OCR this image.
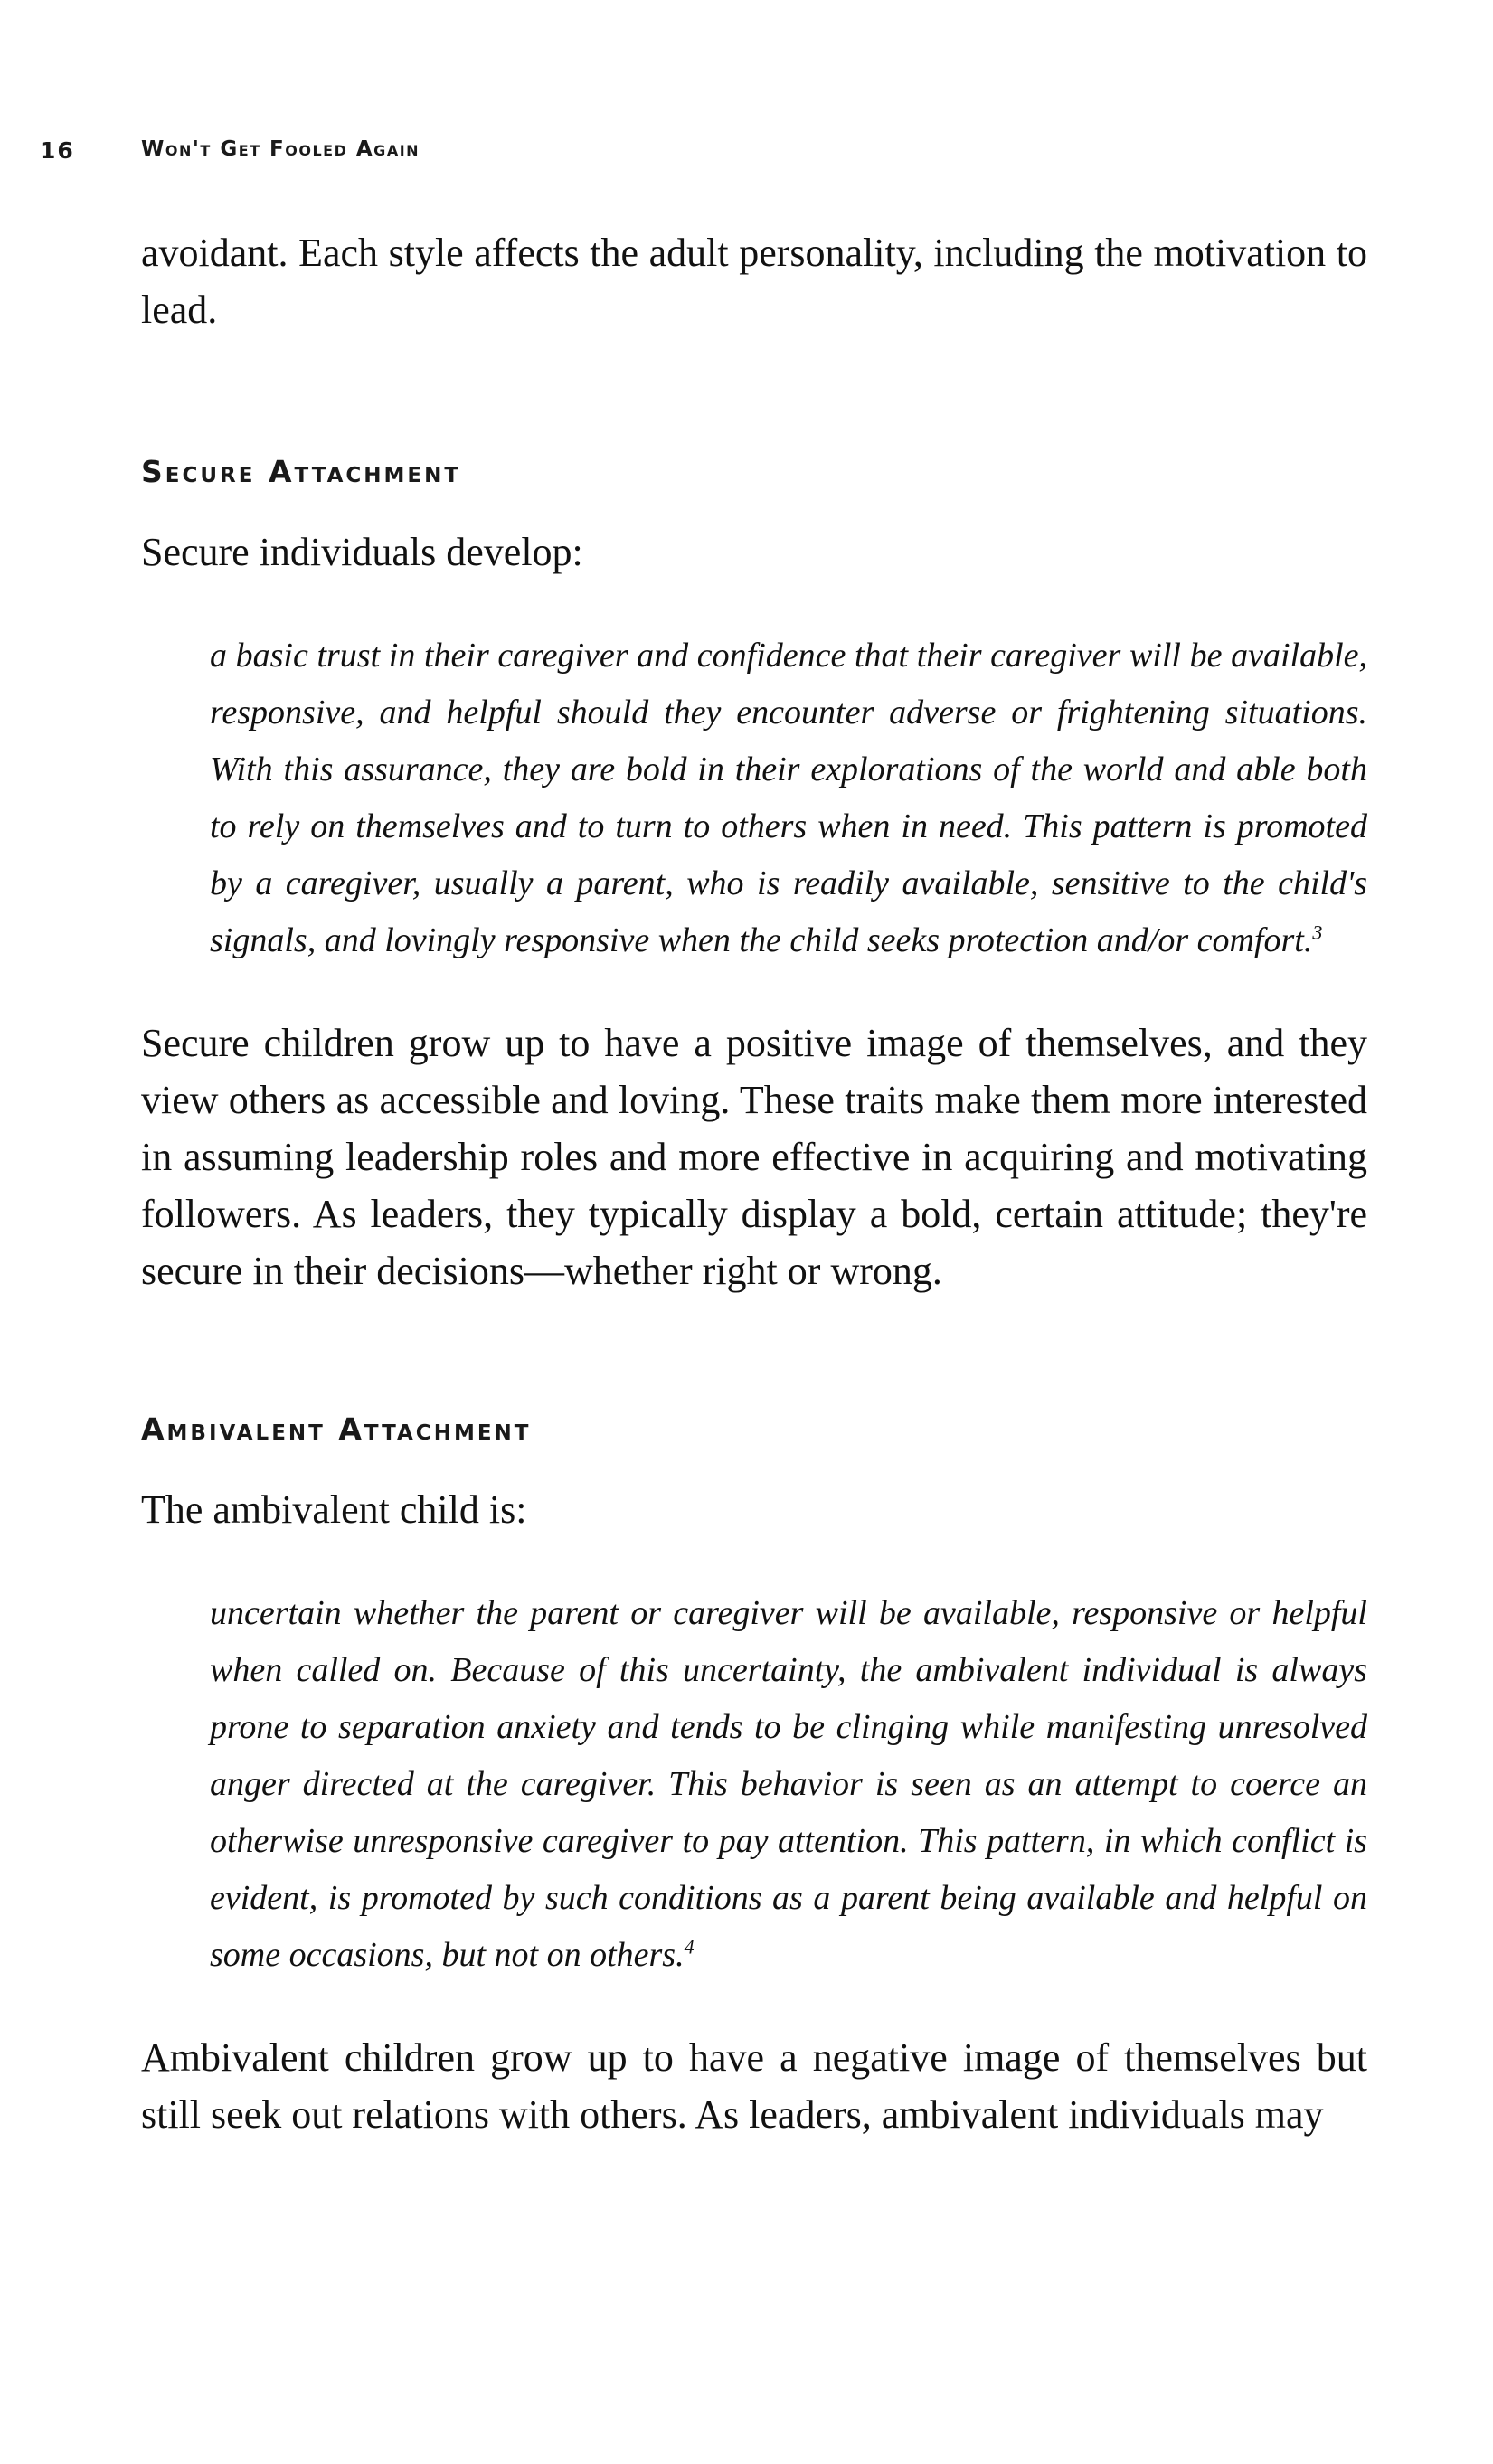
16	Won't Get Fooled Again

avoidant. Each style affects the adult personality, including the motivation to lead.

Secure Attachment

Secure individuals develop:

a basic trust in their caregiver and confidence that their caregiver will be available, responsive, and helpful should they encounter adverse or frightening situations. With this assurance, they are bold in their explorations of the world and able both to rely on themselves and to turn to others when in need. This pattern is promoted by a caregiver, usually a parent, who is readily available, sensitive to the child's signals, and lovingly responsive when the child seeks protection and/or comfort.$^3$

Secure children grow up to have a positive image of themselves, and they view others as accessible and loving. These traits make them more interested in assuming leadership roles and more effective in acquiring and motivating followers. As leaders, they typically display a bold, certain attitude; they're secure in their decisions—whether right or wrong.

Ambivalent Attachment

The ambivalent child is:

uncertain whether the parent or caregiver will be available, responsive or helpful when called on. Because of this uncertainty, the ambivalent individual is always prone to separation anxiety and tends to be clinging while manifesting unresolved anger directed at the caregiver. This behavior is seen as an attempt to coerce an otherwise unresponsive caregiver to pay attention. This pattern, in which conflict is evident, is promoted by such conditions as a parent being available and helpful on some occasions, but not on others.$^4$

Ambivalent children grow up to have a negative image of themselves but still seek out relations with others. As leaders, ambivalent individuals may
